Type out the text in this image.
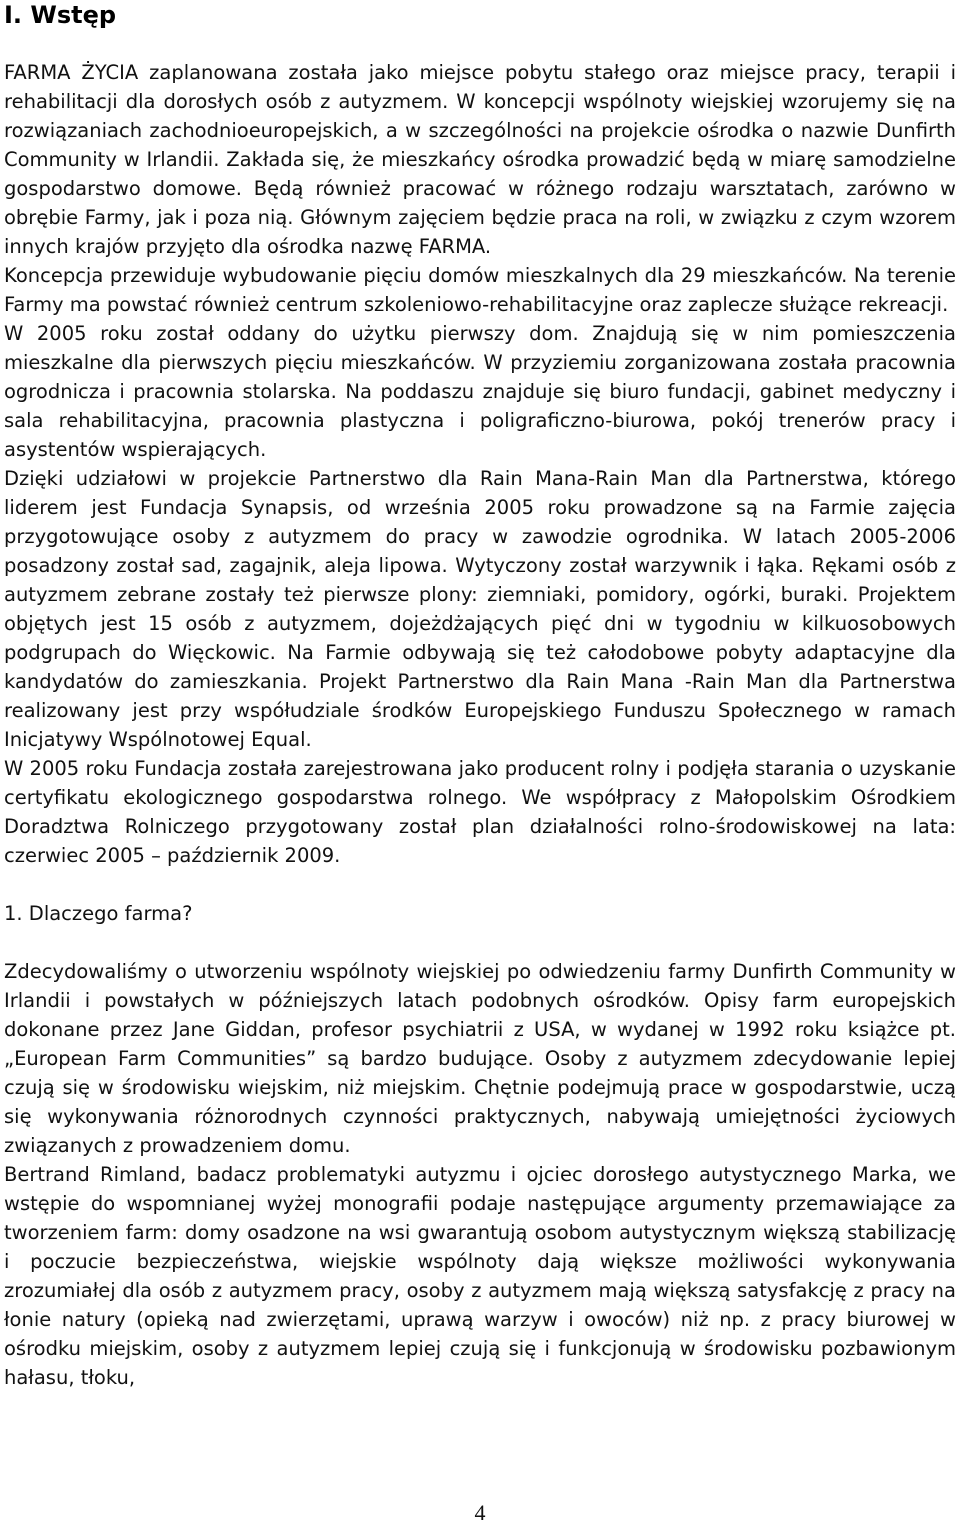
I. Wstęp

FARMA ŻYCIA zaplanowana została jako miejsce pobytu stałego oraz miejsce pracy, terapii i rehabilitacji dla dorosłych osób z autyzmem. W koncepcji wspólnoty wiejskiej wzorujemy się na rozwiązaniach zachodnioeuropejskich, a w szczególności na projekcie ośrodka o nazwie Dunfirth Community w Irlandii. Zakłada się, że mieszkańcy ośrodka prowadzić będą w miarę samodzielne gospodarstwo domowe. Będą również pracować w różnego rodzaju warsztatach, zarówno w obrębie Farmy, jak i poza nią. Głównym zajęciem będzie praca na roli, w związku z czym wzorem innych krajów przyjęto dla ośrodka nazwę FARMA.

Koncepcja przewiduje wybudowanie pięciu domów mieszkalnych dla 29 mieszkańców. Na terenie Farmy ma powstać również centrum szkoleniowo-rehabilitacyjne oraz zaplecze służące rekreacji.

W 2005 roku został oddany do użytku pierwszy dom. Znajdują się w nim pomieszczenia mieszkalne dla pierwszych pięciu mieszkańców. W przyziemiu zorganizowana została pracownia ogrodnicza i pracownia stolarska. Na poddaszu znajduje się biuro fundacji, gabinet medyczny i sala rehabilitacyjna, pracownia plastyczna i poligraficzno-biurowa, pokój trenerów pracy i asystentów wspierających.

Dzięki udziałowi w projekcie Partnerstwo dla Rain Mana-Rain Man dla Partnerstwa, którego liderem jest Fundacja Synapsis, od września 2005 roku prowadzone są na Farmie zajęcia przygotowujące osoby z autyzmem do pracy w zawodzie ogrodnika. W latach 2005-2006 posadzony został sad, zagajnik, aleja lipowa. Wytyczony został warzywnik i łąka. Rękami osób z autyzmem zebrane zostały też pierwsze plony: ziemniaki, pomidory, ogórki, buraki. Projektem objętych jest 15 osób z autyzmem, dojeżdżających pięć dni w tygodniu w kilkuosobowych podgrupach do Więckowic. Na Farmie odbywają się też całodobowe pobyty adaptacyjne dla kandydatów do zamieszkania. Projekt Partnerstwo dla Rain Mana -Rain Man dla Partnerstwa realizowany jest przy współudziale środków Europejskiego Funduszu Społecznego w ramach Inicjatywy Wspólnotowej Equal.

W 2005 roku Fundacja została zarejestrowana jako producent rolny i podjęła starania o uzyskanie certyfikatu ekologicznego gospodarstwa rolnego. We współpracy z Małopolskim Ośrodkiem Doradztwa Rolniczego przygotowany został plan działalności rolno-środowiskowej na lata: czerwiec 2005 – październik 2009.

1. Dlaczego farma?

Zdecydowaliśmy o utworzeniu wspólnoty wiejskiej po odwiedzeniu farmy Dunfirth Community w Irlandii i powstałych w późniejszych latach podobnych ośrodków. Opisy farm europejskich dokonane przez Jane Giddan, profesor psychiatrii z USA, w wydanej w 1992 roku książce pt. „European Farm Communities” są bardzo budujące. Osoby z autyzmem zdecydowanie lepiej czują się w środowisku wiejskim, niż miejskim. Chętnie podejmują prace w gospodarstwie, uczą się wykonywania różnorodnych czynności praktycznych, nabywają umiejętności życiowych związanych z prowadzeniem domu.

Bertrand Rimland, badacz problematyki autyzmu i ojciec dorosłego autystycznego Marka, we wstępie do wspomnianej wyżej monografii podaje następujące argumenty przemawiające za tworzeniem farm: domy osadzone na wsi gwarantują osobom autystycznym większą stabilizację i poczucie bezpieczeństwa, wiejskie wspólnoty dają większe możliwości wykonywania zrozumiałej dla osób z autyzmem pracy, osoby z autyzmem mają większą satysfakcję z pracy na łonie natury (opieką nad zwierzętami, uprawą warzyw i owoców) niż np. z pracy biurowej w ośrodku miejskim, osoby z autyzmem lepiej czują się i funkcjonują w środowisku pozbawionym hałasu, tłoku,

4
